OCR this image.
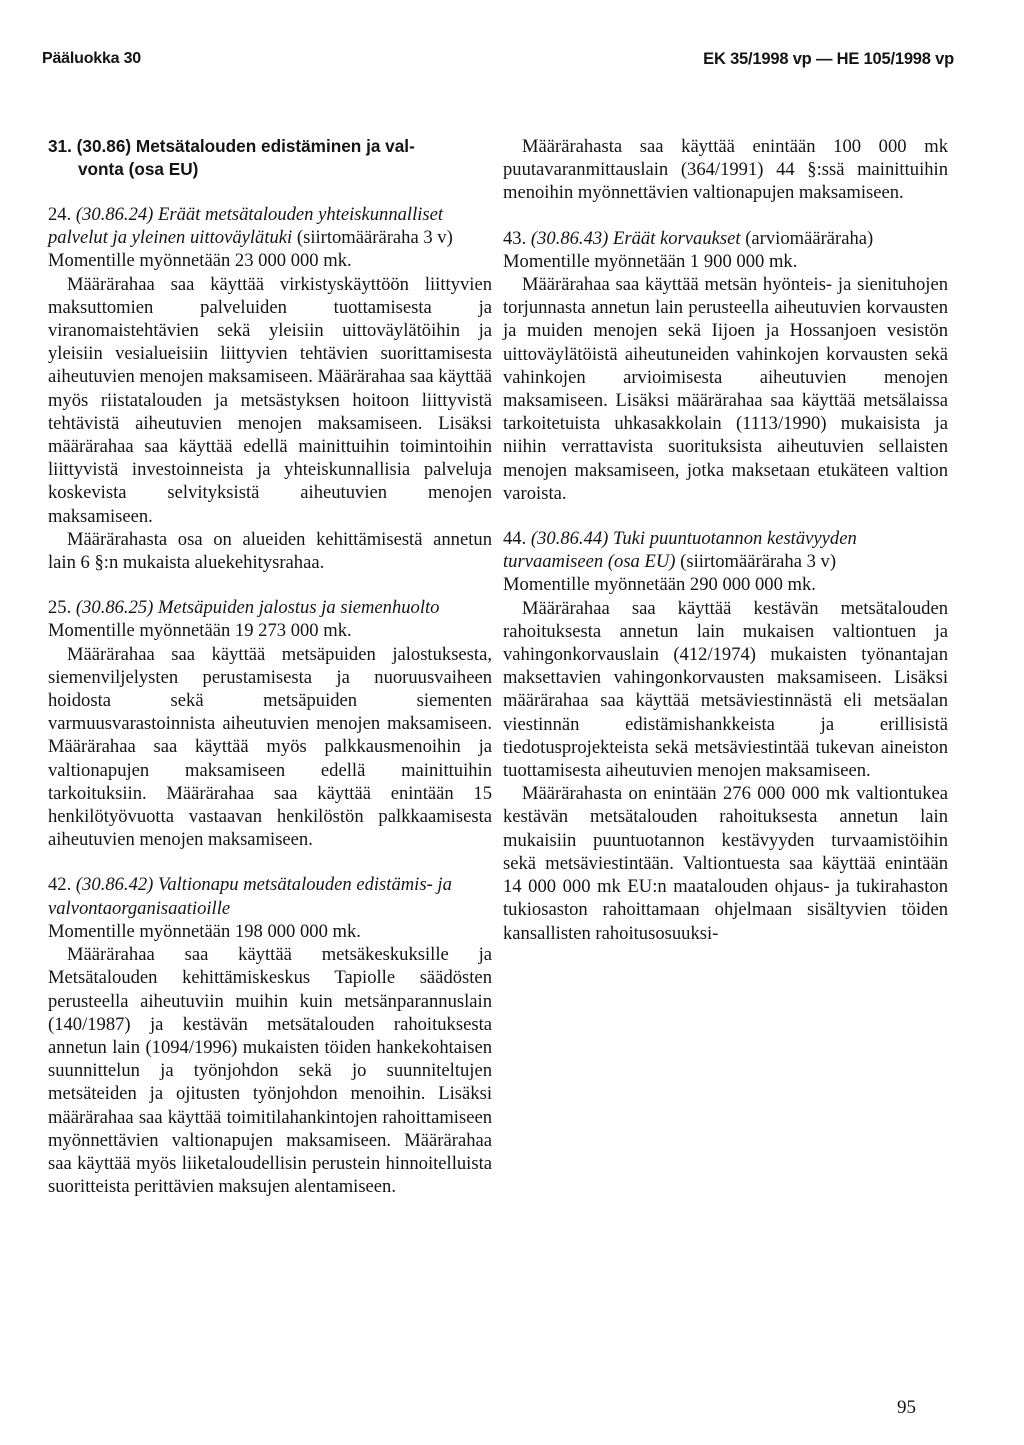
Pääluokka 30	EK 35/1998 vp — HE 105/1998 vp
31. (30.86) Metsätalouden edistäminen ja val-
vonta (osa EU)

24. (30.86.24) Eräät metsätalouden yhteiskunnalliset palvelut ja yleinen uittoväylätuki (siirtomääräraha 3 v)

Momentille myönnetään 23 000 000 mk.

Määrärahaa saa käyttää virkistyskäyttöön liittyvien maksuttomien palveluiden tuottamisesta ja viranomaistehtävien sekä yleisiin uittoväylätöihin ja yleisiin vesialueisiin liittyvien tehtävien suorittamisesta aiheutuvien menojen maksamiseen. Määrärahaa saa käyttää myös riistatalouden ja metsästyksen hoitoon liittyvistä tehtävistä aiheutuvien menojen maksamiseen. Lisäksi määrärahaa saa käyttää edellä mainittuihin toimintoihin liittyvistä investoinneista ja yhteiskunnallisia palveluja koskevista selvityksistä aiheutuvien menojen maksamiseen.

Määrärahasta osa on alueiden kehittämisestä annetun lain 6 §:n mukaista aluekehitysrahaa.

25. (30.86.25) Metsäpuiden jalostus ja siemenhuolto

Momentille myönnetään 19 273 000 mk.

Määrärahaa saa käyttää metsäpuiden jalostuksesta, siemenviljelysten perustamisesta ja nuoruusvaiheen hoidosta sekä metsäpuiden siementen varmuusvarastoinnista aiheutuvien menojen maksamiseen. Määrärahaa saa käyttää myös palkkausmenoihin ja valtionapujen maksamiseen edellä mainittuihin tarkoituksiin. Määrärahaa saa käyttää enintään 15 henkilötyövuotta vastaavan henkilöstön palkkaamisesta aiheutuvien menojen maksamiseen.

42. (30.86.42) Valtionapu metsätalouden edistämis- ja valvontaorganisaatioille

Momentille myönnetään 198 000 000 mk.

Määrärahaa saa käyttää metsäkeskuksille ja Metsätalouden kehittämiskeskus Tapiolle säädösten perusteella aiheutuviin muihin kuin metsänparannuslain (140/1987) ja kestävän metsätalouden rahoituksesta annetun lain (1094/1996) mukaisten töiden hankekohtaisen suunnittelun ja työnjohdon sekä jo suunniteltujen metsäteiden ja ojitusten työnjohdon menoihin. Lisäksi määrärahaa saa käyttää toimitilahankintojen rahoittamiseen myönnettävien valtionapujen maksamiseen. Määrärahaa saa käyttää myös liiketaloudellisin perustein hinnoitelluista suoritteista perittävien maksujen alentamiseen.

Määrärahasta saa käyttää enintään 100 000 mk puutavaranmittauslain (364/1991) 44 §:ssä mainittuihin menoihin myönnettävien valtionapujen maksamiseen.

43. (30.86.43) Eräät korvaukset (arviomääräraha)

Momentille myönnetään 1 900 000 mk.

Määrärahaa saa käyttää metsän hyönteis- ja sienituhojen torjunnasta annetun lain perusteella aiheutuvien korvausten ja muiden menojen sekä Iijoen ja Hossanjoen vesistön uittoväylätöistä aiheutuneiden vahinkojen korvausten sekä vahinkojen arvioimisesta aiheutuvien menojen maksamiseen. Lisäksi määrärahaa saa käyttää metsälaissa tarkoitetuista uhkasakkolain (1113/1990) mukaisista ja niihin verrattavista suorituksista aiheutuvien sellaisten menojen maksamiseen, jotka maksetaan etukäteen valtion varoista.

44. (30.86.44) Tuki puuntuotannon kestävyyden turvaamiseen (osa EU) (siirtomääräraha 3 v)

Momentille myönnetään 290 000 000 mk.

Määrärahaa saa käyttää kestävän metsätalouden rahoituksesta annetun lain mukaisen valtiontuen ja vahingonkorvauslain (412/1974) mukaisten työnantajan maksettavien vahingonkorvausten maksamiseen. Lisäksi määrärahaa saa käyttää metsäviestinnästä eli metsäalan viestinnän edistämishankkeista ja erillisistä tiedotusprojekteista sekä metsäviestintää tukevan aineiston tuottamisesta aiheutuvien menojen maksamiseen.

Määrärahasta on enintään 276 000 000 mk valtiontukea kestävän metsätalouden rahoituksesta annetun lain mukaisiin puuntuotannon kestävyyden turvaamistöihin sekä metsäviestintään. Valtiontuesta saa käyttää enintään 14 000 000 mk EU:n maatalouden ohjaus- ja tukirahaston tukiosaston rahoittamaan ohjelmaan sisältyvien töiden kansallisten rahoitusosuuksi-

95
